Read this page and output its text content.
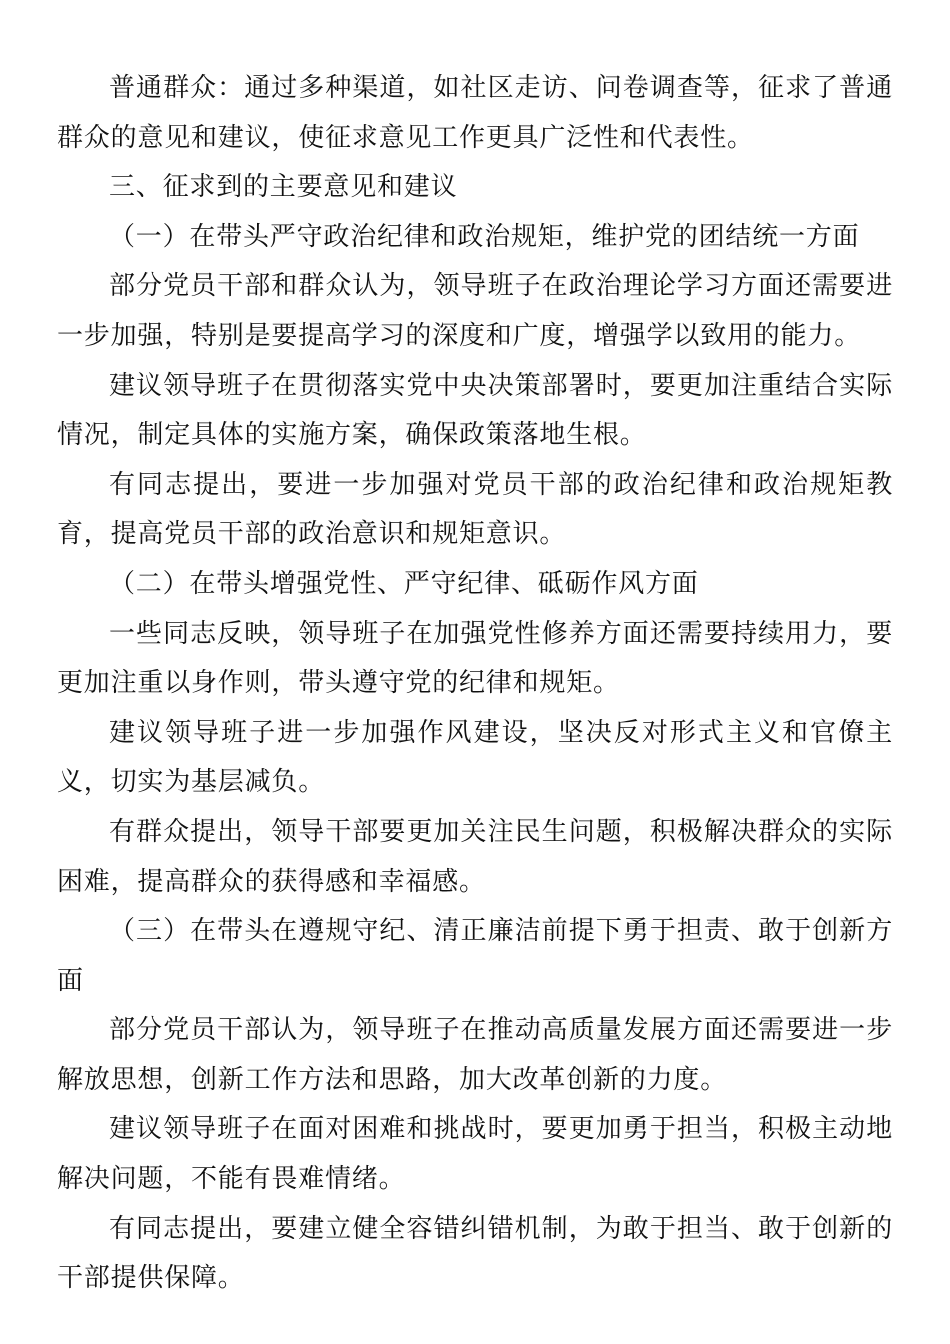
普通群众：通过多种渠道，如社区走访、问卷调查等，征求了普通群众的意见和建议，使征求意见工作更具广泛性和代表性。

三、征求到的主要意见和建议

（一）在带头严守政治纪律和政治规矩，维护党的团结统一方面

部分党员干部和群众认为，领导班子在政治理论学习方面还需要进一步加强，特别是要提高学习的深度和广度，增强学以致用的能力。

建议领导班子在贯彻落实党中央决策部署时，要更加注重结合实际情况，制定具体的实施方案，确保政策落地生根。

有同志提出，要进一步加强对党员干部的政治纪律和政治规矩教育，提高党员干部的政治意识和规矩意识。

（二）在带头增强党性、严守纪律、砥砺作风方面

一些同志反映，领导班子在加强党性修养方面还需要持续用力，要更加注重以身作则，带头遵守党的纪律和规矩。

建议领导班子进一步加强作风建设，坚决反对形式主义和官僚主义，切实为基层减负。

有群众提出，领导干部要更加关注民生问题，积极解决群众的实际困难，提高群众的获得感和幸福感。

（三）在带头在遵规守纪、清正廉洁前提下勇于担责、敢于创新方面

部分党员干部认为，领导班子在推动高质量发展方面还需要进一步解放思想，创新工作方法和思路，加大改革创新的力度。

建议领导班子在面对困难和挑战时，要更加勇于担当，积极主动地解决问题，不能有畏难情绪。

有同志提出，要建立健全容错纠错机制，为敢于担当、敢于创新的干部提供保障。
